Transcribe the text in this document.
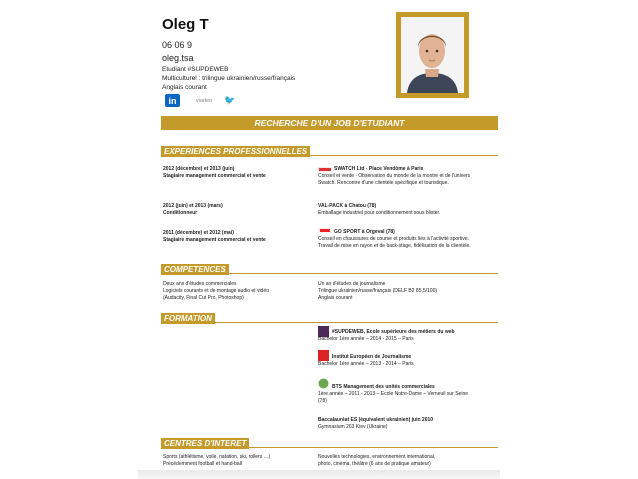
Oleg T
06 06 9
oleg.tsa
Etudiant #SUPDEWEB
Multiculturel : trilingue ukrainien/russe/français
Anglais courant
in	viadeo	🐦
RECHERCHE D'UN JOB D'ETUDIANT
EXPERIENCES PROFESSIONNELLES
2012 (décembre) et 2013 (juin)
Stagiaire management commercial et vente
SWATCH Ltd - Place Vendôme à Paris
Conseil et vente - Observation du monde de la montre et de l'univers Swatch. Rencontre d'une clientèle spécifique et touristique.
2012 (juin) et 2013 (mars)
Conditionneur
VAL-PACK à Chatou (78)
Emballage industriel pour conditionnement sous blister.
2011 (décembre) et 2012 (mai)
Stagiaire management commercial et vente
GO SPORT à Orgeval (78)
Conseil en chaussures de course et produits liés à l'activité sportive. Travail de mise en rayon et de back-stage, fidélisation de la clientèle.
COMPETENCES
Deux ans d'études commerciales
Logiciels courants et de montage audio et vidéo
(Audacity, Final Cut Pro, Photoshop)
Un an d'études de journalisme
Trilingue ukrainien/russe/français (DELF B2 85,5/100)
Anglais courant
FORMATION
#SUPDEWEB, Ecole supérieure des métiers du web
Bachelor 1ère année – 2014 - 2015 – Paris
Institut Européen de Journalisme
Bachelor 1ère année – 2013 - 2014 – Paris
BTS Management des unités commerciales
1ère année – 2011 - 2013 – Ecole Notre-Dame – Verneuil sur Seine (78)
Baccalauréat ES (équivalent ukrainien) juin 2010
Gymnasium 263 Kiev (Ukraine)
CENTRES D'INTERET
Sports (athlétisme, voile, natation, ski, rollers …)
Précédemment football et hand-ball
Nouvelles technologies, environnement international,
photo, cinéma, théâtre (6 ans de pratique amateur)
